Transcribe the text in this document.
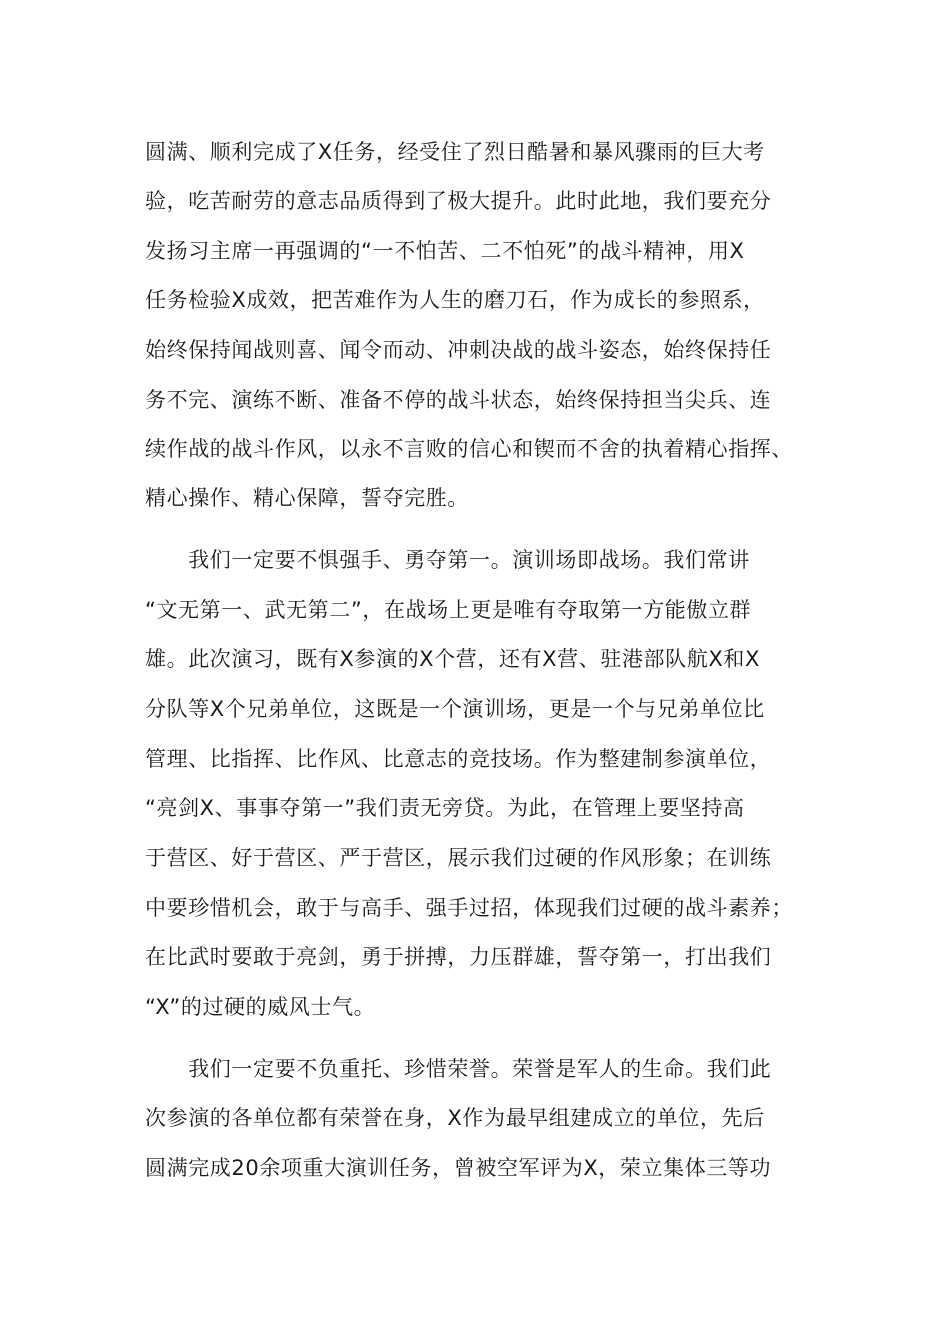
圆满、顺利完成了X任务，经受住了烈日酷暑和暴风骤雨的巨大考
验，吃苦耐劳的意志品质得到了极大提升。此时此地，我们要充分
发扬习主席一再强调的“一不怕苦、二不怕死”的战斗精神，用X
任务检验X成效，把苦难作为人生的磨刀石，作为成长的参照系，
始终保持闻战则喜、闻令而动、冲刺决战的战斗姿态，始终保持任
务不完、演练不断、准备不停的战斗状态，始终保持担当尖兵、连
续作战的战斗作风，以永不言败的信心和锲而不舍的执着精心指挥、
精心操作、精心保障，誓夺完胜。
　　我们一定要不惧强手、勇夺第一。演训场即战场。我们常讲
“文无第一、武无第二”，在战场上更是唯有夺取第一方能傲立群
雄。此次演习，既有X参演的X个营，还有X营、驻港部队航X和X
分队等X个兄弟单位，这既是一个演训场，更是一个与兄弟单位比
管理、比指挥、比作风、比意志的竞技场。作为整建制参演单位，
“亮剑X、事事夺第一”我们责无旁贷。为此，在管理上要坚持高
于营区、好于营区、严于营区，展示我们过硬的作风形象；在训练
中要珍惜机会，敢于与高手、强手过招，体现我们过硬的战斗素养；
在比武时要敢于亮剑，勇于拼搏，力压群雄，誓夺第一，打出我们
“X”的过硬的威风士气。
　　我们一定要不负重托、珍惜荣誉。荣誉是军人的生命。我们此
次参演的各单位都有荣誉在身，X作为最早组建成立的单位，先后
圆满完成20余项重大演训任务，曾被空军评为X，荣立集体三等功
